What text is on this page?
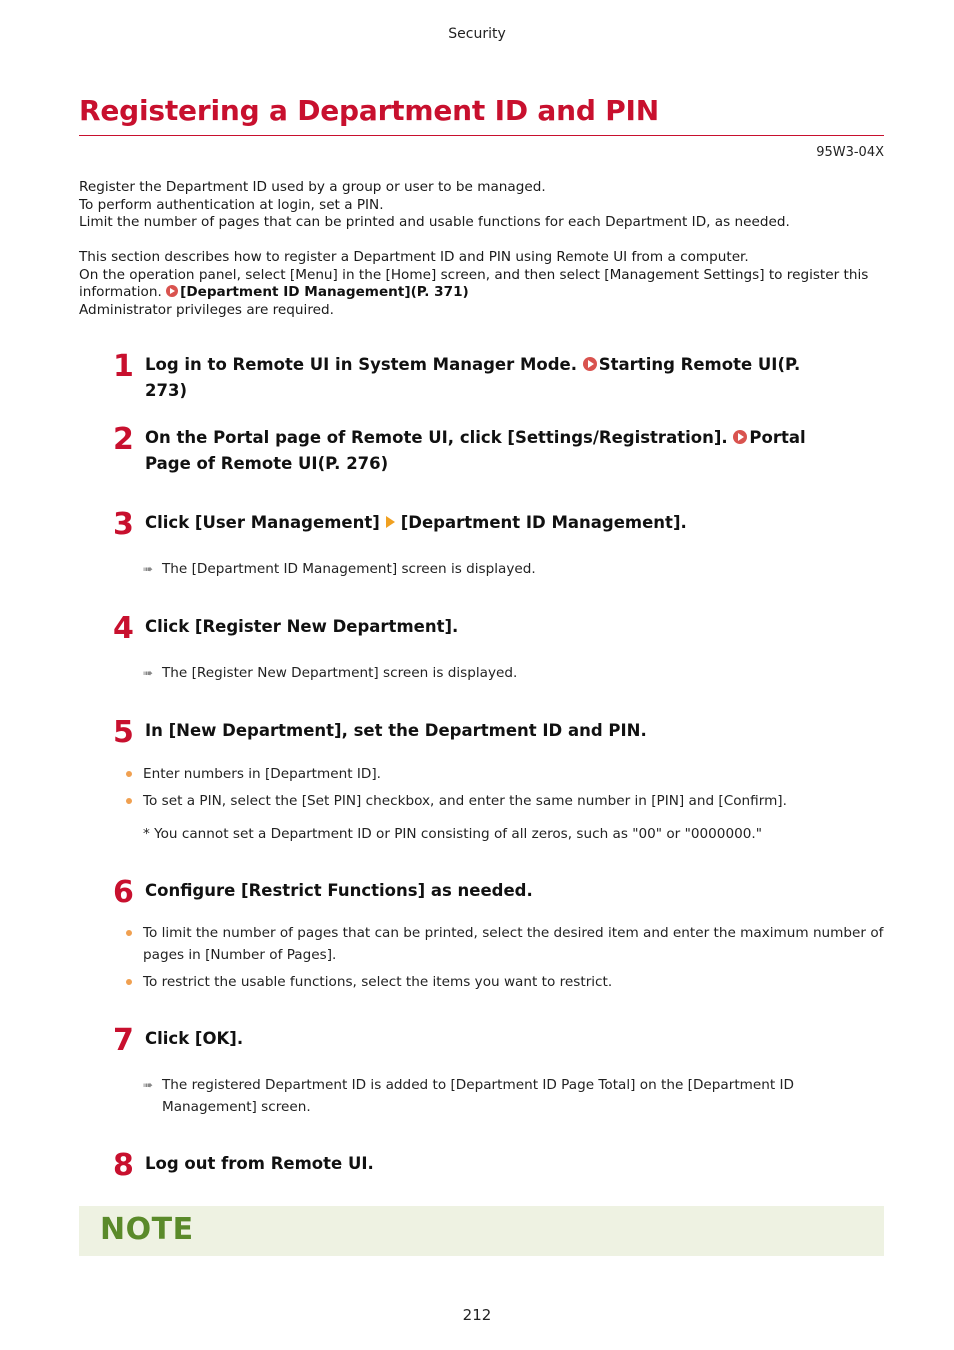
Security
Registering a Department ID and PIN
95W3-04X

Register the Department ID used by a group or user to be managed.

To perform authentication at login, set a PIN.

Limit the number of pages that can be printed and usable functions for each Department ID, as needed.

This section describes how to register a Department ID and PIN using Remote UI from a computer.

On the operation panel, select [Menu] in the [Home] screen, and then select [Management Settings] to register this

information. [Department ID Management](P. 371)

Administrator privileges are required.

1 Log in to Remote UI in System Manager Mode. Starting Remote UI(P. 273)
2 On the Portal page of Remote UI, click [Settings/Registration]. Portal Page of Remote UI(P. 276)
3 Click [User Management] [Department ID Management].
➠ The [Department ID Management] screen is displayed.
4 Click [Register New Department].
➠ The [Register New Department] screen is displayed.
5 In [New Department], set the Department ID and PIN.
Enter numbers in [Department ID].
To set a PIN, select the [Set PIN] checkbox, and enter the same number in [PIN] and [Confirm].
* You cannot set a Department ID or PIN consisting of all zeros, such as "00" or "0000000."
6 Configure [Restrict Functions] as needed.
To limit the number of pages that can be printed, select the desired item and enter the maximum number of
pages in [Number of Pages].
To restrict the usable functions, select the items you want to restrict.
7 Click [OK].
➠ The registered Department ID is added to [Department ID Page Total] on the [Department ID
Management] screen.
8 Log out from Remote UI.
NOTE
212
